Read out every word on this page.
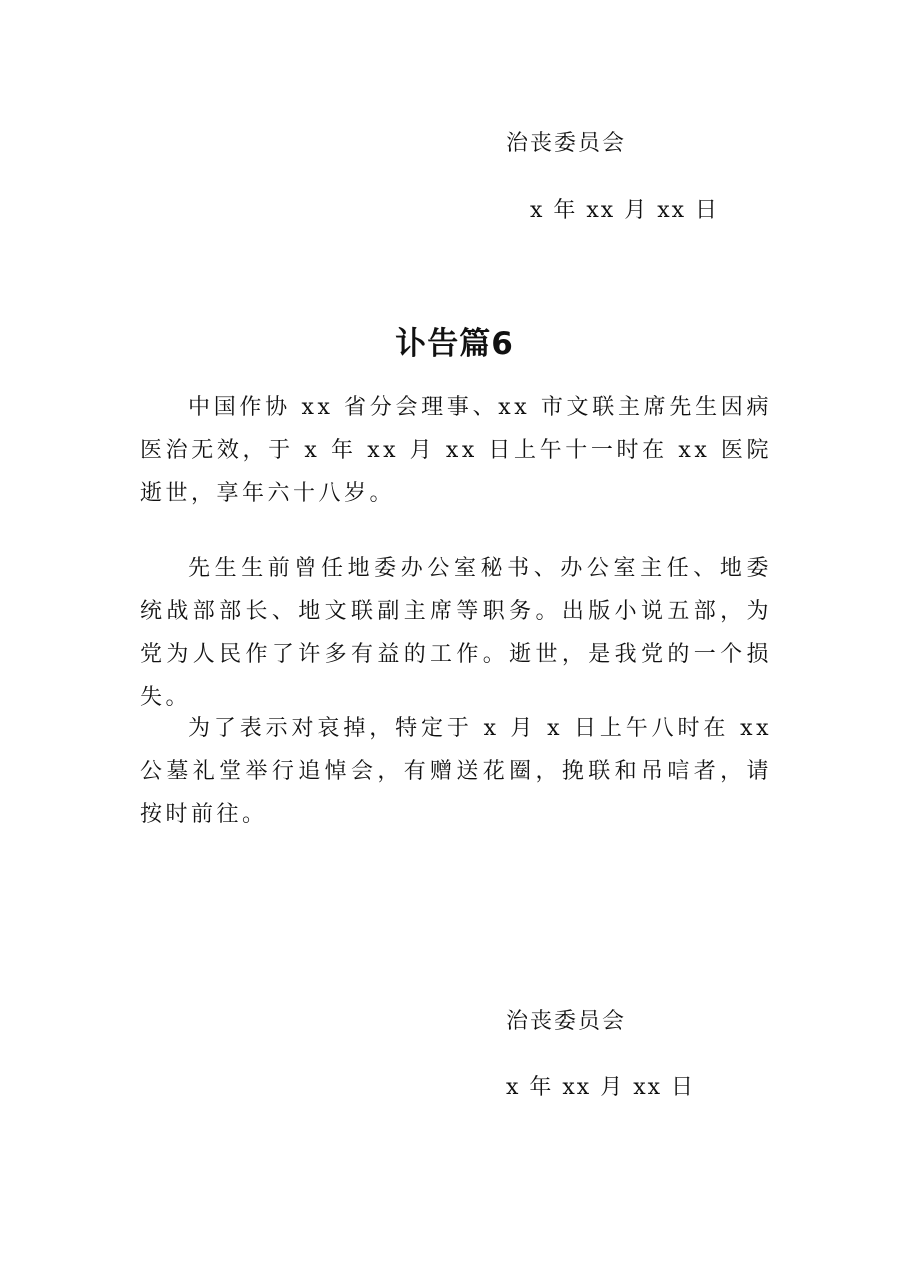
治丧委员会
x 年 xx 月 xx 日
讣告篇6
中国作协 xx 省分会理事、xx 市文联主席先生因病医治无效，于 x 年 xx 月 xx 日上午十一时在 xx 医院逝世，享年六十八岁。
先生生前曾任地委办公室秘书、办公室主任、地委统战部部长、地文联副主席等职务。出版小说五部，为党为人民作了许多有益的工作。逝世，是我党的一个损失。
为了表示对哀掉，特定于 x 月 x 日上午八时在 xx 公墓礼堂举行追悼会，有赠送花圈，挽联和吊唁者，请按时前往。
治丧委员会
x 年 xx 月 xx 日
